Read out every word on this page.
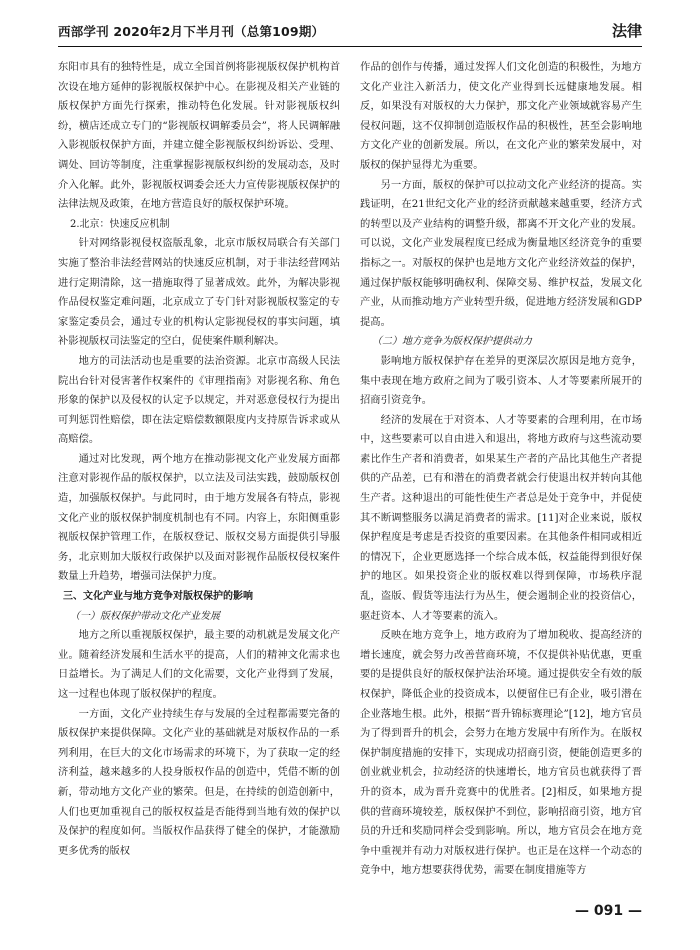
西部学刊 2020年2月下半月刊（总第109期）	法律

东阳市具有的独特性是，成立全国首例将影视版权保护机构首次设在地方延伸的影视版权保护中心。在影视及相关产业链的版权保护方面先行探索，推动特色化发展。针对影视版权纠纷，横店还成立专门的“影视版权调解委员会”，将人民调解融入影视版权保护方面，并建立健全影视版权纠纷诉讼、受理、调处、回访等制度，注重掌握影视版权纠纷的发展动态，及时介入化解。此外，影视版权调委会还大力宣传影视版权保护的法律法规及政策，在地方营造良好的版权保护环境。

2.北京：快速反应机制

针对网络影视侵权盗版乱象，北京市版权局联合有关部门实施了整治非法经营网站的快速反应机制，对于非法经营网站进行定期清除，这一措施取得了显著成效。此外，为解决影视作品侵权鉴定难问题，北京成立了专门针对影视版权鉴定的专家鉴定委员会，通过专业的机构认定影视侵权的事实问题，填补影视版权司法鉴定的空白，促使案件顺利解决。

地方的司法活动也是重要的法治资源。北京市高级人民法院出台针对侵害著作权案件的《审理指南》对影视名称、角色形象的保护以及侵权的认定予以规定，并对恶意侵权行为提出可判惩罚性赔偿，即在法定赔偿数额限度内支持原告诉求或从高赔偿。

通过对比发现，两个地方在推动影视文化产业发展方面都注意对影视作品的版权保护，以立法及司法实践，鼓励版权创造，加强版权保护。与此同时，由于地方发展各有特点，影视文化产业的版权保护制度机制也有不同。内容上，东阳侧重影视版权保护管理工作，在版权登记、版权交易方面提供引导服务，北京则加大版权行政保护以及面对影视作品版权侵权案件数量上升趋势，增强司法保护力度。

三、文化产业与地方竞争对版权保护的影响

（一）版权保护带动文化产业发展

地方之所以重视版权保护，最主要的动机就是发展文化产业。随着经济发展和生活水平的提高，人们的精神文化需求也日益增长。为了满足人们的文化需要，文化产业得到了发展，这一过程也体现了版权保护的程度。

一方面，文化产业持续生存与发展的全过程都需要完备的版权保护来提供保障。文化产业的基础就是对版权作品的一系列利用，在巨大的文化市场需求的环境下，为了获取一定的经济利益，越来越多的人投身版权作品的创造中，凭借不断的创新，带动地方文化产业的繁荣。但是，在持续的创造创新中，人们也更加重视自己的版权权益是否能得到当地有效的保护以及保护的程度如何。当版权作品获得了健全的保护，才能激励更多优秀的版权

作品的创作与传播，通过发挥人们文化创造的积极性，为地方文化产业注入新活力，使文化产业得到长远健康地发展。相反，如果没有对版权的大力保护，那文化产业领域就容易产生侵权问题，这不仅抑制创造版权作品的积极性，甚至会影响地方文化产业的创新发展。所以，在文化产业的繁荣发展中，对版权的保护显得尤为重要。

另一方面，版权的保护可以拉动文化产业经济的提高。实践证明，在21世纪文化产业的经济贡献越来越重要，经济方式的转型以及产业结构的调整升级，都离不开文化产业的发展。可以说，文化产业发展程度已经成为衡量地区经济竞争的重要指标之一。对版权的保护也是地方文化产业经济效益的保护，通过保护版权能够明确权利、保障交易、维护权益，发展文化产业，从而推动地方产业转型升级，促进地方经济发展和GDP提高。

（二）地方竞争为版权保护提供动力

影响地方版权保护存在差异的更深层次原因是地方竞争，集中表现在地方政府之间为了吸引资本、人才等要素所展开的招商引资竞争。

经济的发展在于对资本、人才等要素的合理利用，在市场中，这些要素可以自由进入和退出，将地方政府与这些流动要素比作生产者和消费者，如果某生产者的产品比其他生产者提供的产品差，已有和潜在的消费者就会行使退出权并转向其他生产者。这种退出的可能性使生产者总是处于竞争中，并促使其不断调整服务以满足消费者的需求。[11]对企业来说，版权保护程度是考虑是否投资的重要因素。在其他条件相同或相近的情况下，企业更愿选择一个综合成本低，权益能得到很好保护的地区。如果投资企业的版权难以得到保障，市场秩序混乱，盗版、假货等违法行为丛生，便会遏制企业的投资信心，驱赶资本、人才等要素的流入。

反映在地方竞争上，地方政府为了增加税收、提高经济的增长速度，就会努力改善营商环境，不仅提供补贴优惠，更重要的是提供良好的版权保护法治环境。通过提供安全有效的版权保护，降低企业的投资成本，以便留住已有企业，吸引潜在企业落地生根。此外，根据“晋升锦标赛理论”[12]，地方官员为了得到晋升的机会，会努力在地方发展中有所作为。在版权保护制度措施的安排下，实现成功招商引资，便能创造更多的创业就业机会，拉动经济的快速增长，地方官员也就获得了晋升的资本，成为晋升竞赛中的优胜者。[2]相反，如果地方提供的营商环境较差，版权保护不到位，影响招商引资，地方官员的升迁和奖励同样会受到影响。所以，地方官员会在地方竞争中重视并有动力对版权进行保护。也正是在这样一个动态的竞争中，地方想要获得优势，需要在制度措施等方

— 091 —
